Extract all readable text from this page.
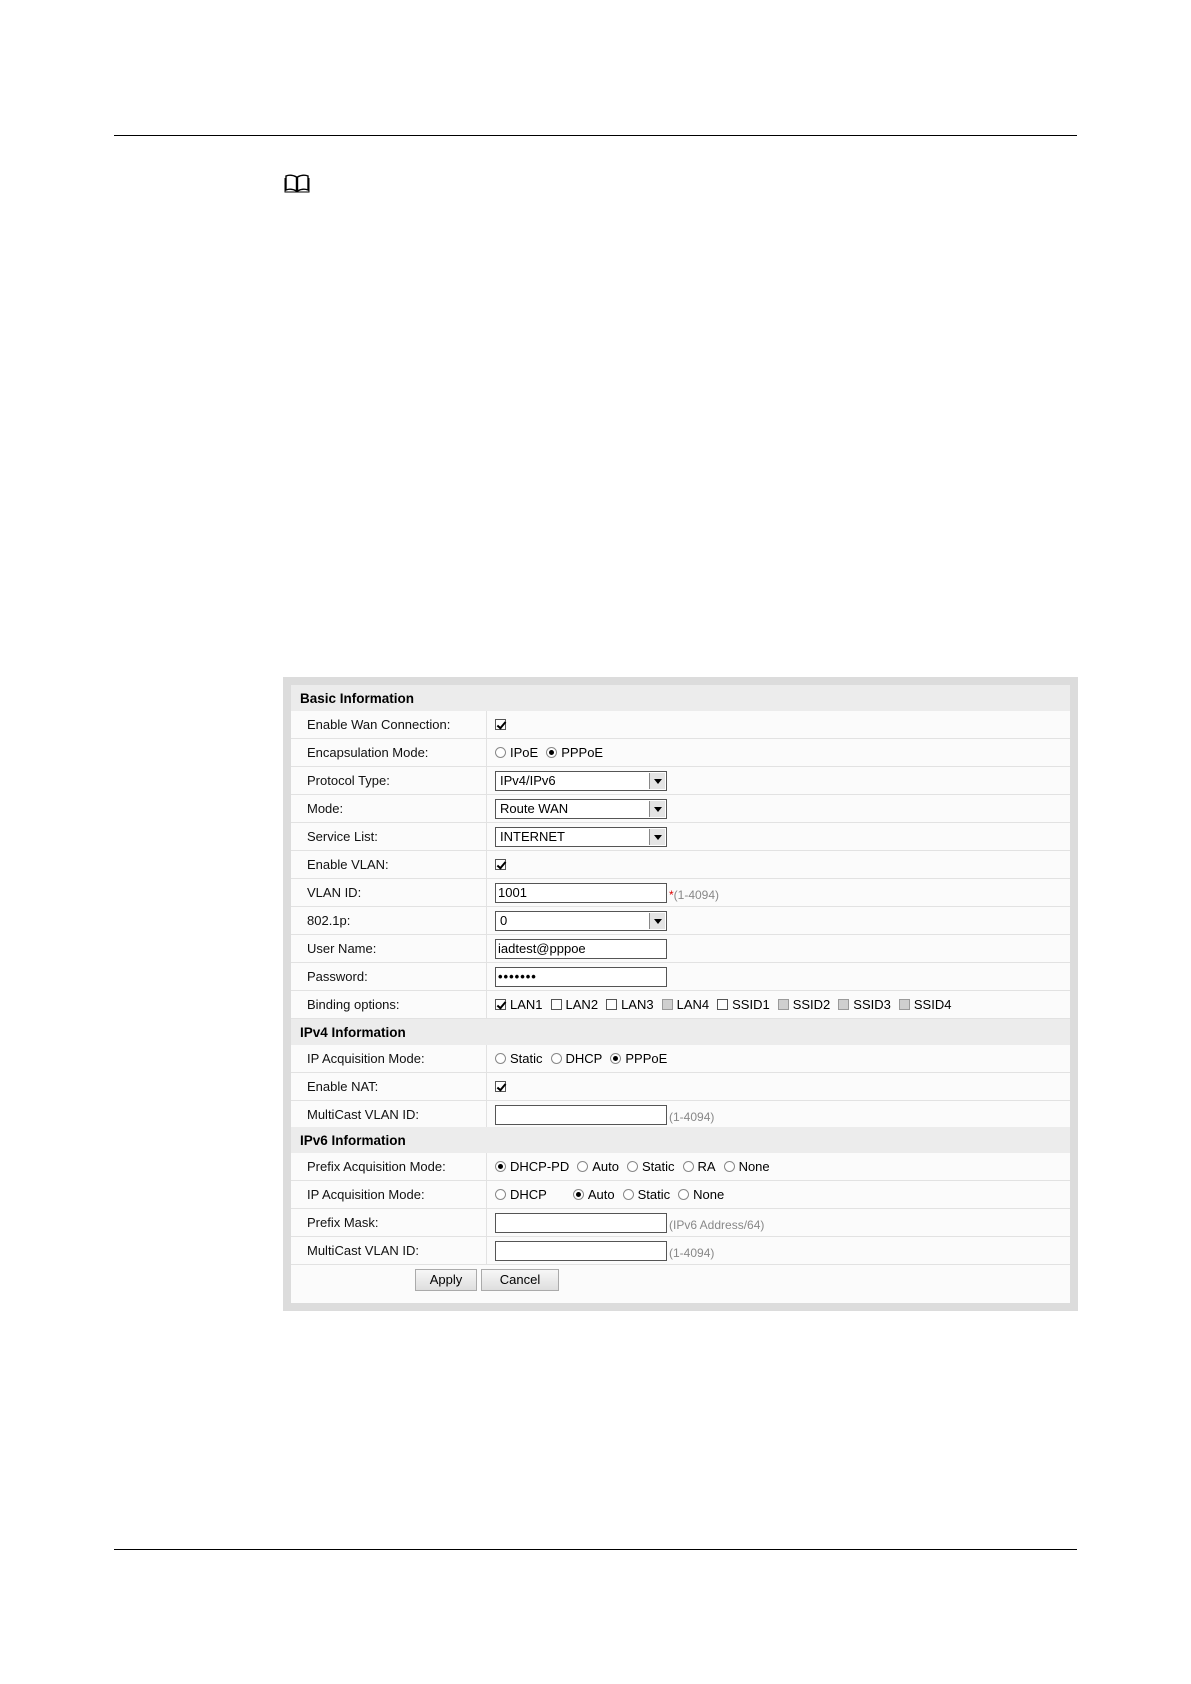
Basic Information
Enable Wan Connection:
Encapsulation Mode:	IPoE PPPoE
Protocol Type:	IPv4/IPv6
Mode:	Route WAN
Service List:	INTERNET
Enable VLAN:
VLAN ID:	1001	*(1-4094)
802.1p:	0
User Name:	iadtest@pppoe
Password:	•••••••
Binding options:	LAN1 LAN2 LAN3 LAN4 SSID1 SSID2 SSID3 SSID4
IPv4 Information
IP Acquisition Mode:	Static DHCP PPPoE
Enable NAT:
MultiCast VLAN ID:	(1-4094)
IPv6 Information
Prefix Acquisition Mode:	DHCP-PD Auto Static RA None
IP Acquisition Mode:	DHCP	Auto Static None
Prefix Mask:	(IPv6 Address/64)
MultiCast VLAN ID:	(1-4094)
Apply	Cancel
